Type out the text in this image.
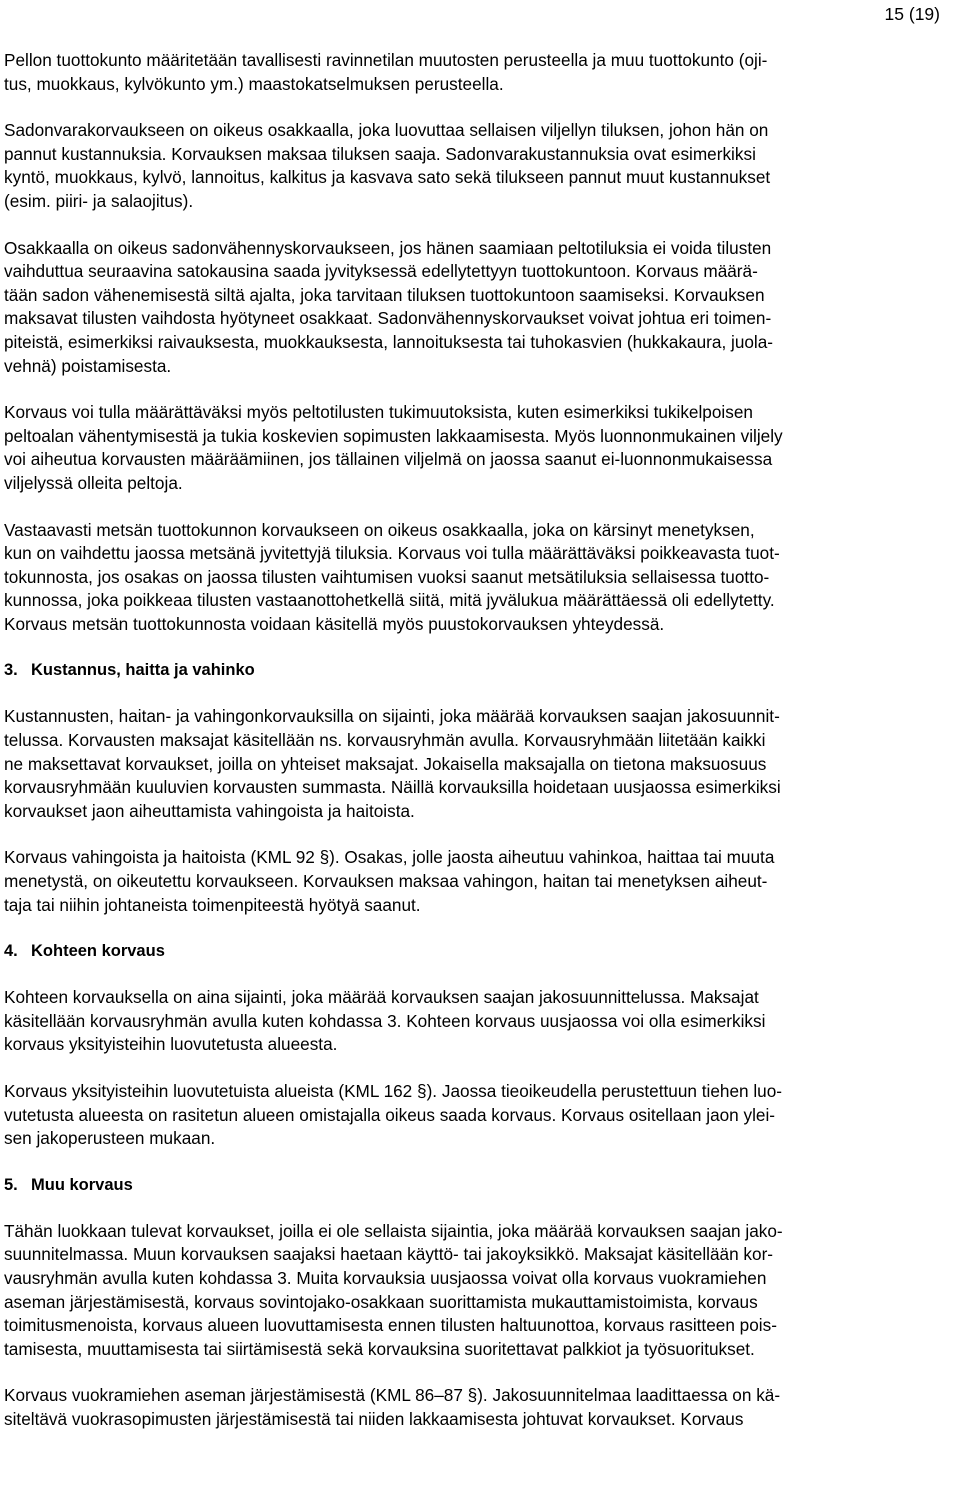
15 (19)

Pellon tuottokunto määritetään tavallisesti ravinnetilan muutosten perusteella ja muu tuottokunto (oji-
tus, muokkaus, kylvökunto ym.) maastokatselmuksen perusteella.

Sadonvarakorvaukseen on oikeus osakkaalla, joka luovuttaa sellaisen viljellyn tiluksen, johon hän on
pannut kustannuksia. Korvauksen maksaa tiluksen saaja. Sadonvarakustannuksia ovat esimerkiksi
kyntö, muokkaus, kylvö, lannoitus, kalkitus ja kasvava sato sekä tilukseen pannut muut kustannukset
(esim. piiri- ja salaojitus).

Osakkaalla on oikeus sadonvähennyskorvaukseen, jos hänen saamiaan peltotiluksia ei voida tilusten
vaihduttua seuraavina satokausina saada jyvityksessä edellytettyyn tuottokuntoon. Korvaus määrä-
tään sadon vähenemisestä siltä ajalta, joka tarvitaan tiluksen tuottokuntoon saamiseksi. Korvauksen
maksavat tilusten vaihdosta hyötyneet osakkaat. Sadonvähennyskorvaukset voivat johtua eri toimen-
piteistä, esimerkiksi raivauksesta, muokkauksesta, lannoituksesta tai tuhokasvien (hukkakaura, juola-
vehnä) poistamisesta.

Korvaus voi tulla määrättäväksi myös peltotilusten tukimuutoksista, kuten esimerkiksi tukikelpoisen
peltoalan vähentymisestä ja tukia koskevien sopimusten lakkaamisesta. Myös luonnonmukainen viljely
voi aiheutua korvausten määräämiinen, jos tällainen viljelmä on jaossa saanut ei-luonnonmukaisessa
viljelyssä olleita peltoja.

Vastaavasti metsän tuottokunnon korvaukseen on oikeus osakkaalla, joka on kärsinyt menetyksen,
kun on vaihdettu jaossa metsänä jyvitettyjä tiluksia. Korvaus voi tulla määrättäväksi poikkeavasta tuot-
tokunnosta, jos osakas on jaossa tilusten vaihtumisen vuoksi saanut metsätiluksia sellaisessa tuotto-
kunnossa, joka poikkeaa tilusten vastaanottohetkellä siitä, mitä jyvälukua määrättäessä oli edellytetty.
Korvaus metsän tuottokunnosta voidaan käsitellä myös puustokorvauksen yhteydessä.

3. Kustannus, haitta ja vahinko

Kustannusten, haitan- ja vahingonkorvauksilla on sijainti, joka määrää korvauksen saajan jakosuunnit-
telussa. Korvausten maksajat käsitellään ns. korvausryhmän avulla. Korvausryhmään liitetään kaikki
ne maksettavat korvaukset, joilla on yhteiset maksajat. Jokaisella maksajalla on tietona maksuosuus
korvausryhmään kuuluvien korvausten summasta. Näillä korvauksilla hoidetaan uusjaossa esimerkiksi
korvaukset jaon aiheuttamista vahingoista ja haitoista.

Korvaus vahingoista ja haitoista (KML 92 §). Osakas, jolle jaosta aiheutuu vahinkoa, haittaa tai muuta
menetystä, on oikeutettu korvaukseen. Korvauksen maksaa vahingon, haitan tai menetyksen aiheut-
taja tai niihin johtaneista toimenpiteestä hyötyä saanut.

4. Kohteen korvaus

Kohteen korvauksella on aina sijainti, joka määrää korvauksen saajan jakosuunnittelussa. Maksajat
käsitellään korvausryhmän avulla kuten kohdassa 3. Kohteen korvaus uusjaossa voi olla esimerkiksi
korvaus yksityisteihin luovutetusta alueesta.

Korvaus yksityisteihin luovutetuista alueista (KML 162 §). Jaossa tieoikeudella perustettuun tiehen luo-
vutetusta alueesta on rasitetun alueen omistajalla oikeus saada korvaus. Korvaus ositellaan jaon ylei-
sen jakoperusteen mukaan.

5. Muu korvaus

Tähän luokkaan tulevat korvaukset, joilla ei ole sellaista sijaintia, joka määrää korvauksen saajan jako-
suunnitelmassa. Muun korvauksen saajaksi haetaan käyttö- tai jakoyksikkö. Maksajat käsitellään kor-
vausryhmän avulla kuten kohdassa 3. Muita korvauksia uusjaossa voivat olla korvaus vuokramiehen
aseman järjestämisestä, korvaus sovintojako-osakkaan suorittamista mukauttamistoimista, korvaus
toimitusmenoista, korvaus alueen luovuttamisesta ennen tilusten haltuunottoa, korvaus rasitteen pois-
tamisesta, muuttamisesta tai siirtämisestä sekä korvauksina suoritettavat palkkiot ja työsuoritukset.

Korvaus vuokramiehen aseman järjestämisestä (KML 86–87 §). Jakosuunnitelmaa laadittaessa on kä-
siteltävä vuokrasopimusten järjestämisestä tai niiden lakkaamisesta johtuvat korvaukset. Korvaus
